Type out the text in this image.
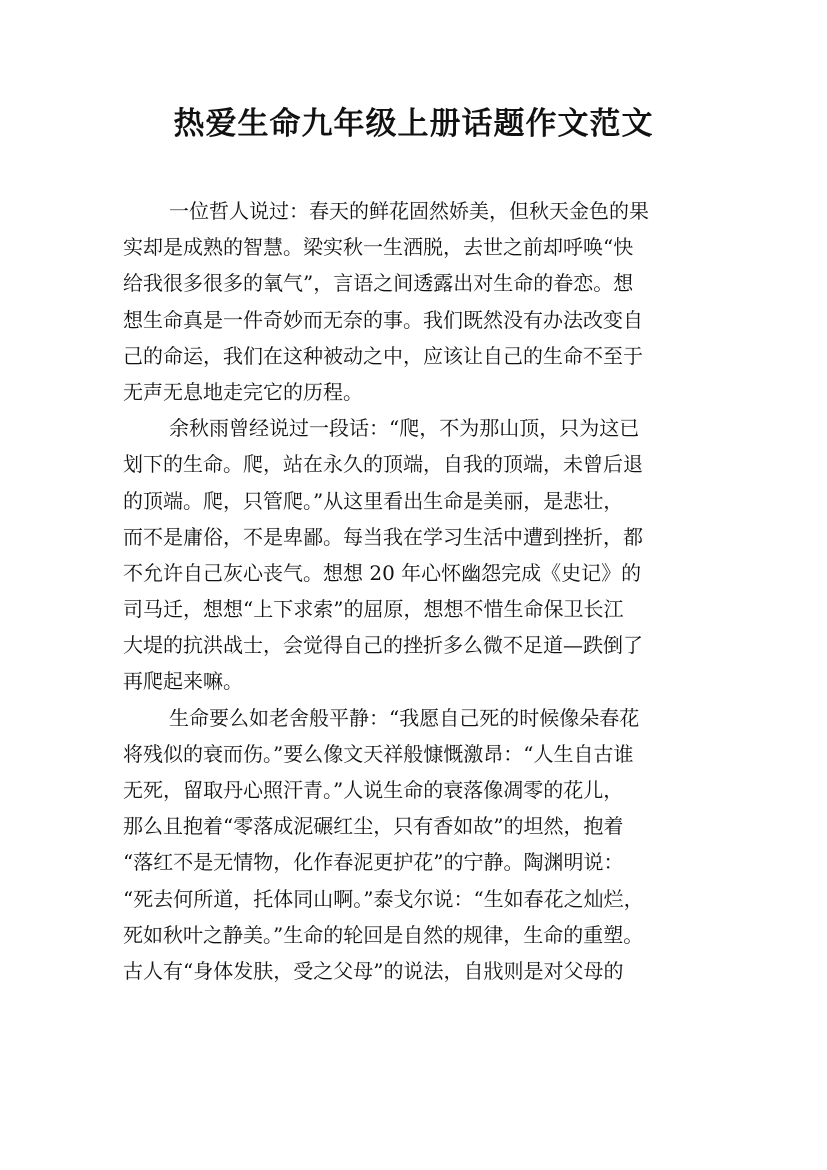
热爱生命九年级上册话题作文范文
一位哲人说过：春天的鲜花固然娇美，但秋天金色的果
实却是成熟的智慧。梁实秋一生洒脱，去世之前却呼唤“快
给我很多很多的氧气”，言语之间透露出对生命的眷恋。想
想生命真是一件奇妙而无奈的事。我们既然没有办法改变自
己的命运，我们在这种被动之中，应该让自己的生命不至于
无声无息地走完它的历程。
余秋雨曾经说过一段话：“爬，不为那山顶，只为这已
划下的生命。爬，站在永久的顶端，自我的顶端，未曾后退
的顶端。爬，只管爬。”从这里看出生命是美丽，是悲壮，
而不是庸俗，不是卑鄙。每当我在学习生活中遭到挫折，都
不允许自己灰心丧气。想想 20 年心怀幽怨完成《史记》的
司马迁，想想“上下求索”的屈原，想想不惜生命保卫长江
大堤的抗洪战士，会觉得自己的挫折多么微不足道—跌倒了
再爬起来嘛。
生命要么如老舍般平静：“我愿自己死的时候像朵春花
将残似的衰而伤。”要么像文天祥般慷慨激昂：“人生自古谁
无死，留取丹心照汗青。”人说生命的衰落像凋零的花儿，
那么且抱着“零落成泥碾红尘，只有香如故”的坦然，抱着
“落红不是无情物，化作春泥更护花”的宁静。陶渊明说：
“死去何所道，托体同山啊。”泰戈尔说：“生如春花之灿烂，
死如秋叶之静美。”生命的轮回是自然的规律，生命的重塑。
古人有“身体发肤，受之父母”的说法，自戕则是对父母的
